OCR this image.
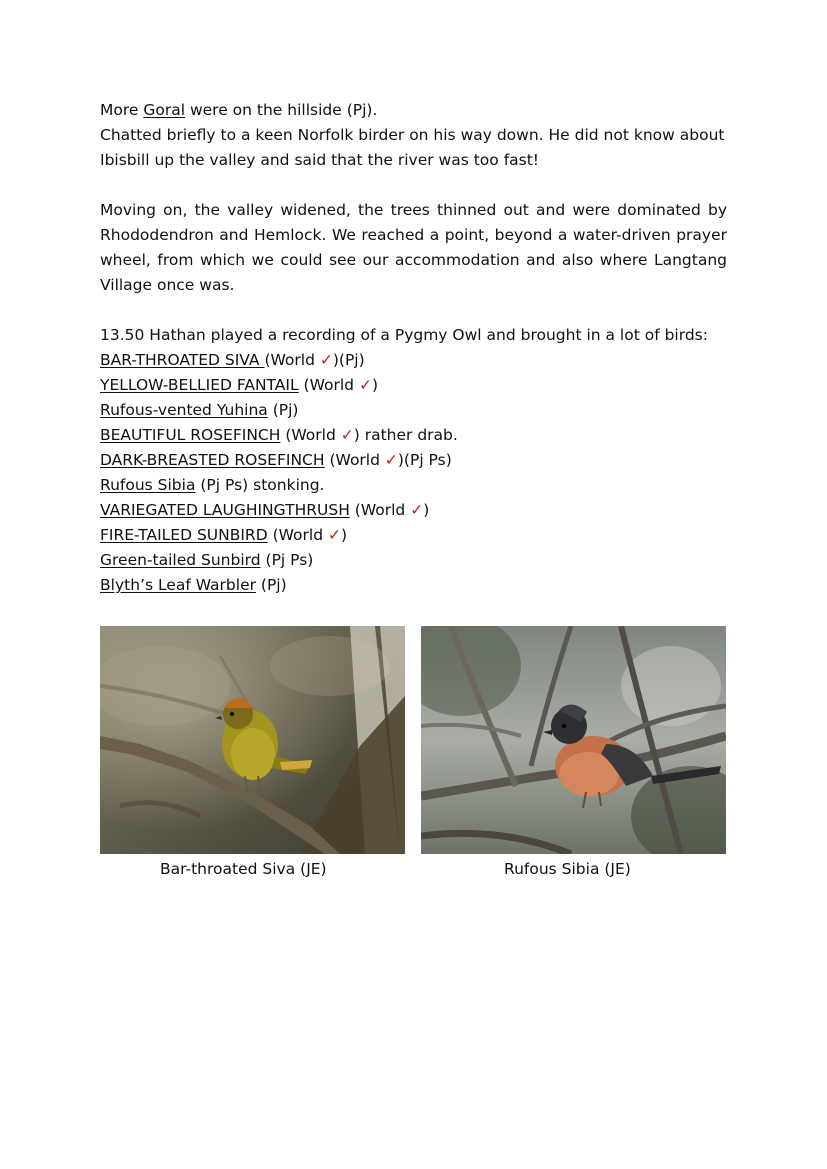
More Goral were on the hillside (Pj).

Chatted briefly to a keen Norfolk birder on his way down. He did not know about

Ibisbill up the valley and said that the river was too fast!

Moving on, the valley widened, the trees thinned out and were dominated by Rhododendron and Hemlock. We reached a point, beyond a water-driven prayer wheel, from which we could see our accommodation and also where Langtang Village once was.

13.50 Hathan played a recording of a Pygmy Owl and brought in a lot of birds:

BAR-THROATED SIVA (World ✓)(Pj)

YELLOW-BELLIED FANTAIL (World ✓)

Rufous-vented Yuhina (Pj)

BEAUTIFUL ROSEFINCH (World ✓) rather drab.

DARK-BREASTED ROSEFINCH (World ✓)(Pj Ps)

Rufous Sibia (Pj Ps) stonking.

VARIEGATED LAUGHINGTHRUSH (World ✓)

FIRE-TAILED SUNBIRD (World ✓)

Green-tailed Sunbird (Pj Ps)

Blyth’s Leaf Warbler (Pj)

Bar-throated Siva (JE)	Rufous Sibia (JE)
